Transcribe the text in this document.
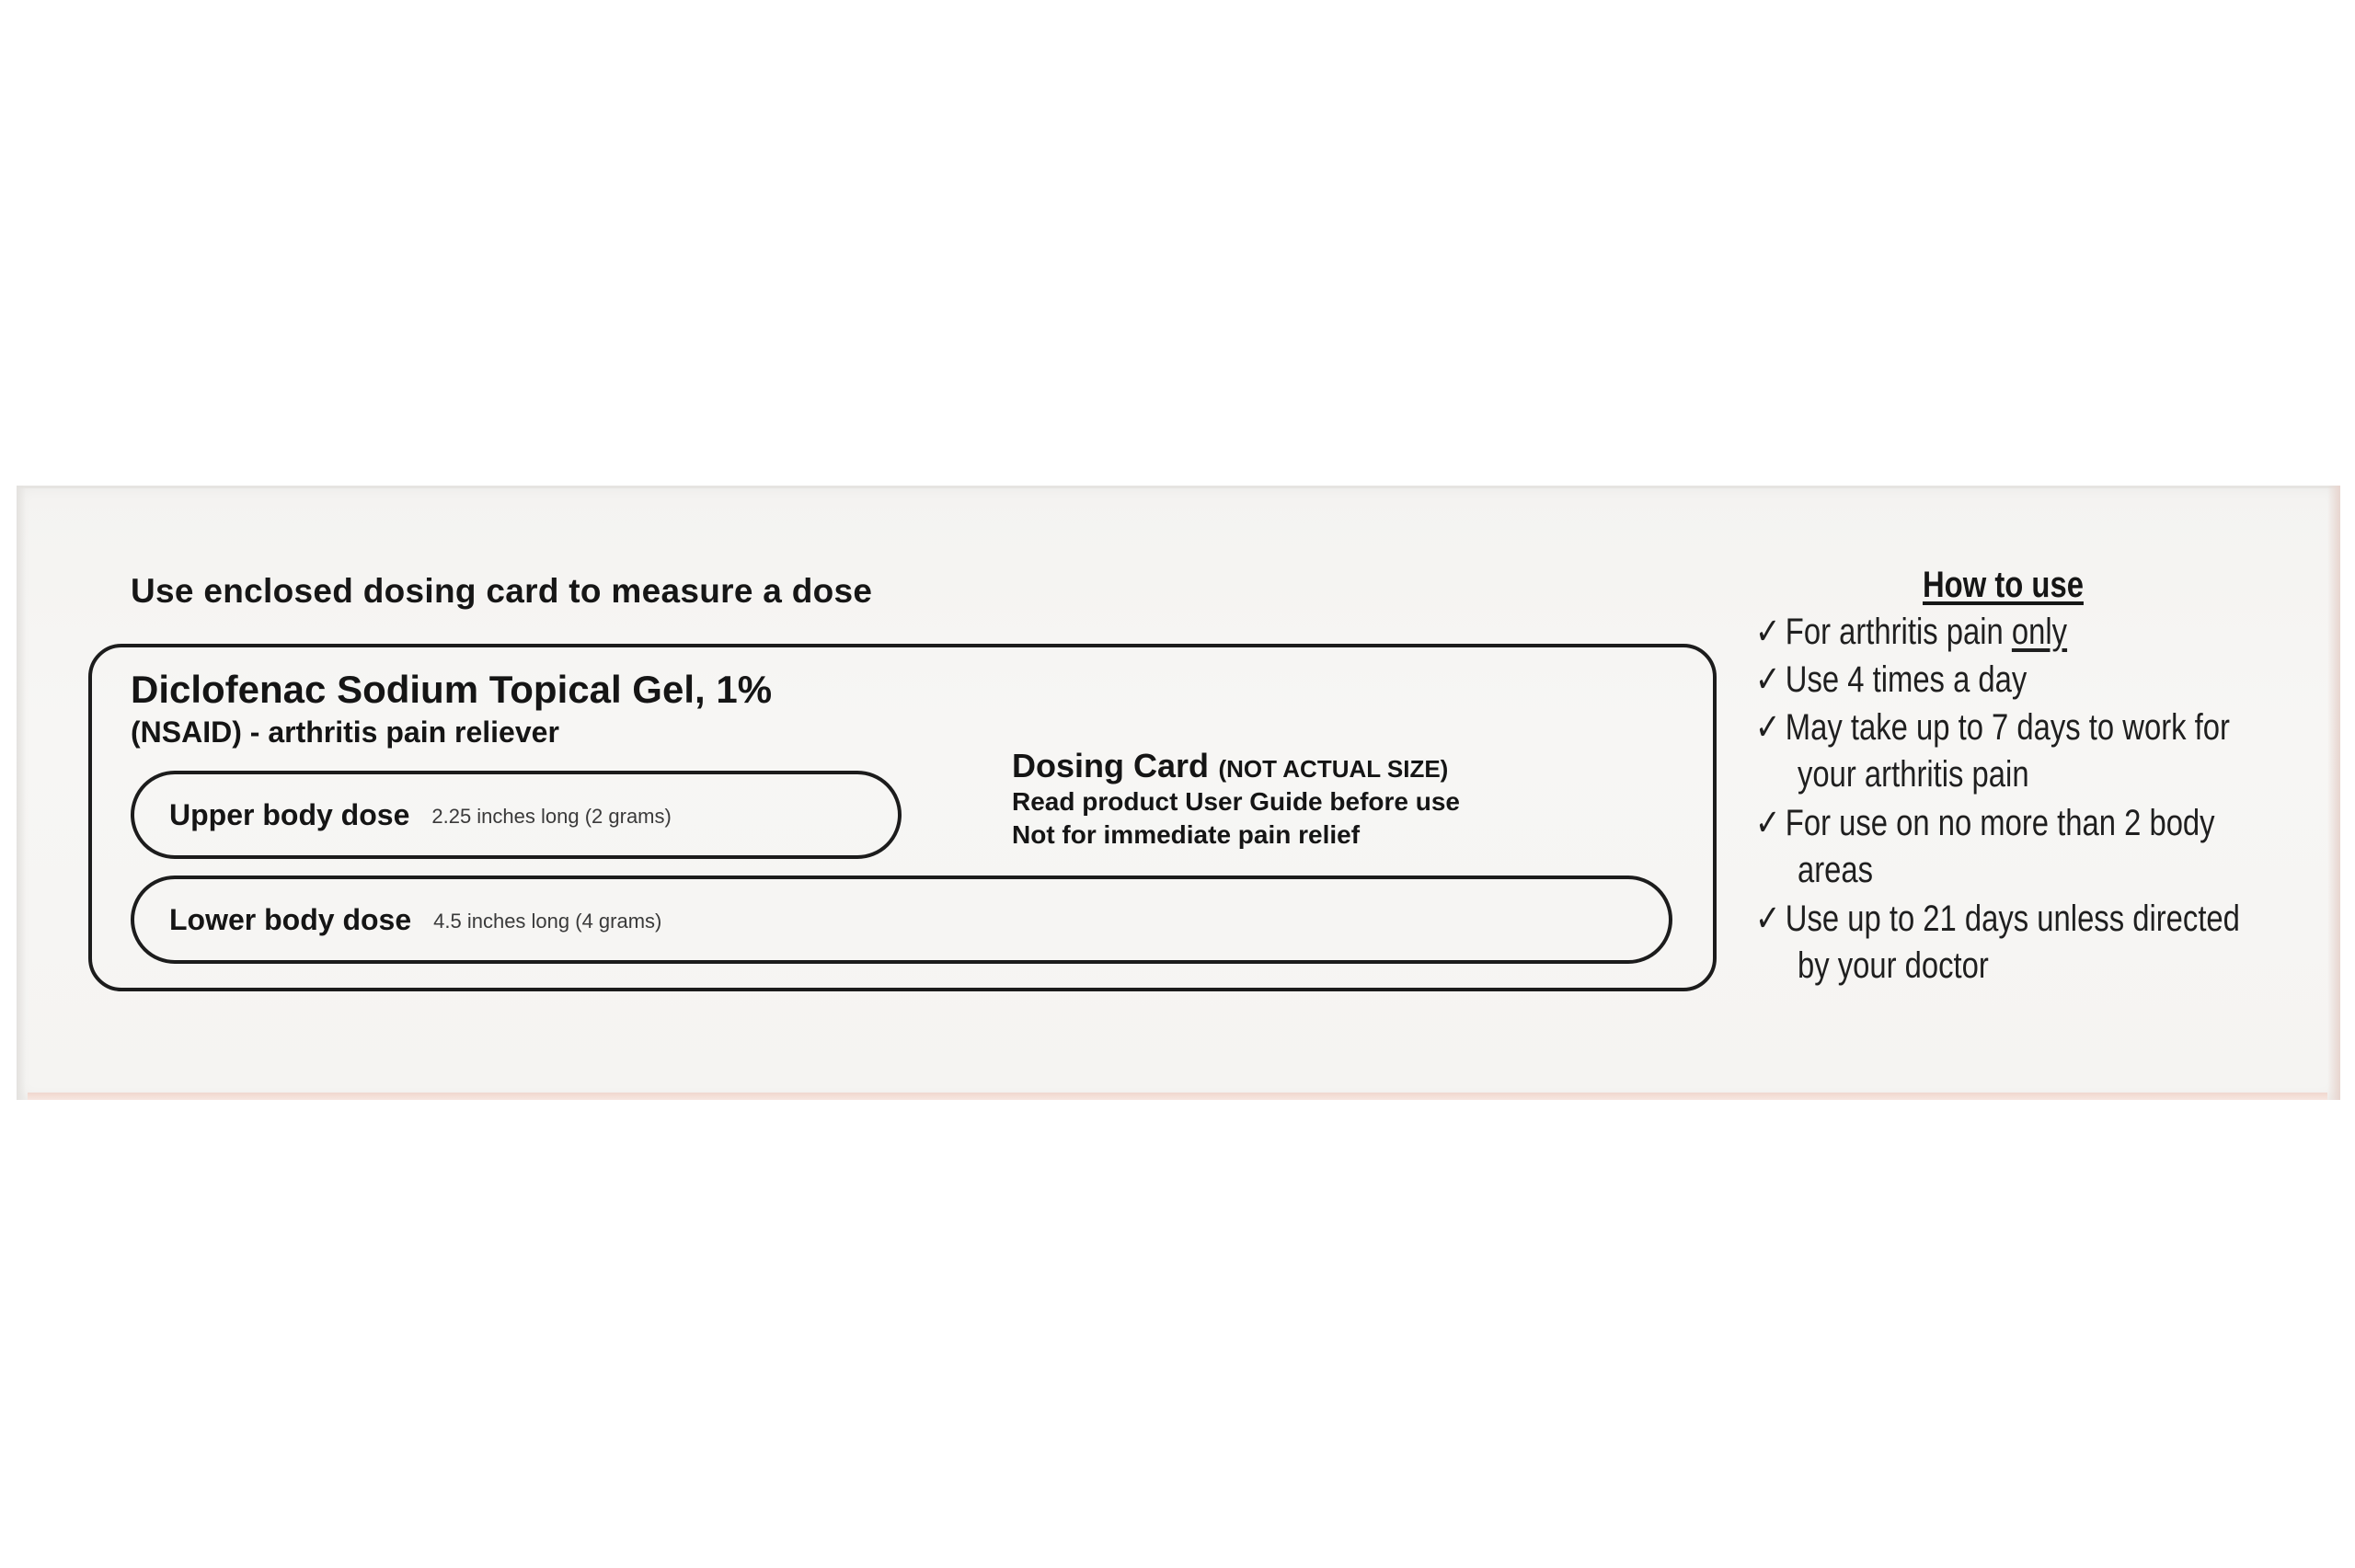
Use enclosed dosing card to measure a dose
Diclofenac Sodium Topical Gel, 1%
(NSAID) - arthritis pain reliever
Upper body dose 2.25 inches long (2 grams)
Lower body dose 4.5 inches long (4 grams)
Dosing Card (NOT ACTUAL SIZE)
Read product User Guide before use
Not for immediate pain relief
How to use
✓ For arthritis pain only
✓ Use 4 times a day
✓ May take up to 7 days to work for
your arthritis pain
✓ For use on no more than 2 body
areas
✓ Use up to 21 days unless directed
by your doctor
